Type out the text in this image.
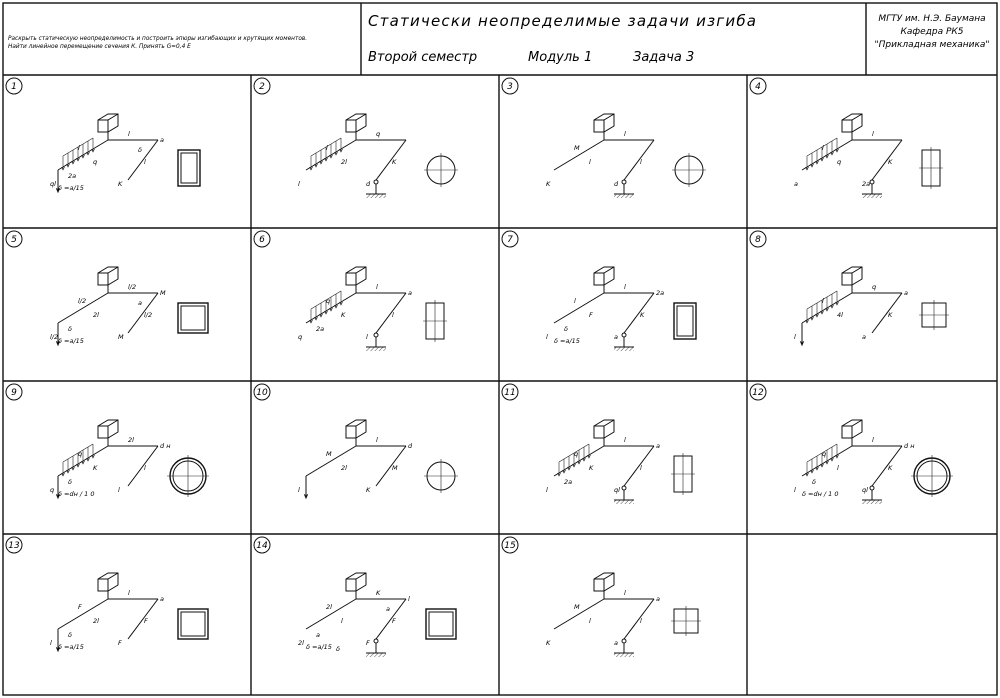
Раскрыть статическую неопределимость и построить эпюры изгибающих и крутящих моментов.
Найти линейное перемещение сечения К. Принять G=0,4 E
Статически неопределимые задачи изгиба
Второй семестр	Модуль 1	Задача 3
МГТУ им. Н.Э. Баумана
Кафедра РК5
"Прикладная механика"
1
l
l
q	l
ql	K
a
2a
δ
δ =a/15
2
l
q
2l	K
l	d
3
M
l
l	l
K	d
4
l
l
q	K
a	2a
5
l/2
l/2
2l	l/2
l/2	M
M
δ
a
δ =a/15
6
q
l
K	l
q	l
a
2a
7
l
l
F	K
l	a
2a
δ
δ =a/15
8
l
q
4l	K
l	a
a
9
q
2l
K	l
q	l
d н
δ
δ =dн / 1 0
10
M
l
2l	M
l	K
d
11
q
l
K	l
l	ql
a
2a
12
q
l
l	K
l	ql
d н
δ
δ =dн / 1 0
13
F
l
2l	F
l	F
a
δ
δ =a/15
14
2l
K
l	F
2l	F
l
a
a
δ
δ =a/15
15
M
l
l	l
K	a
a
